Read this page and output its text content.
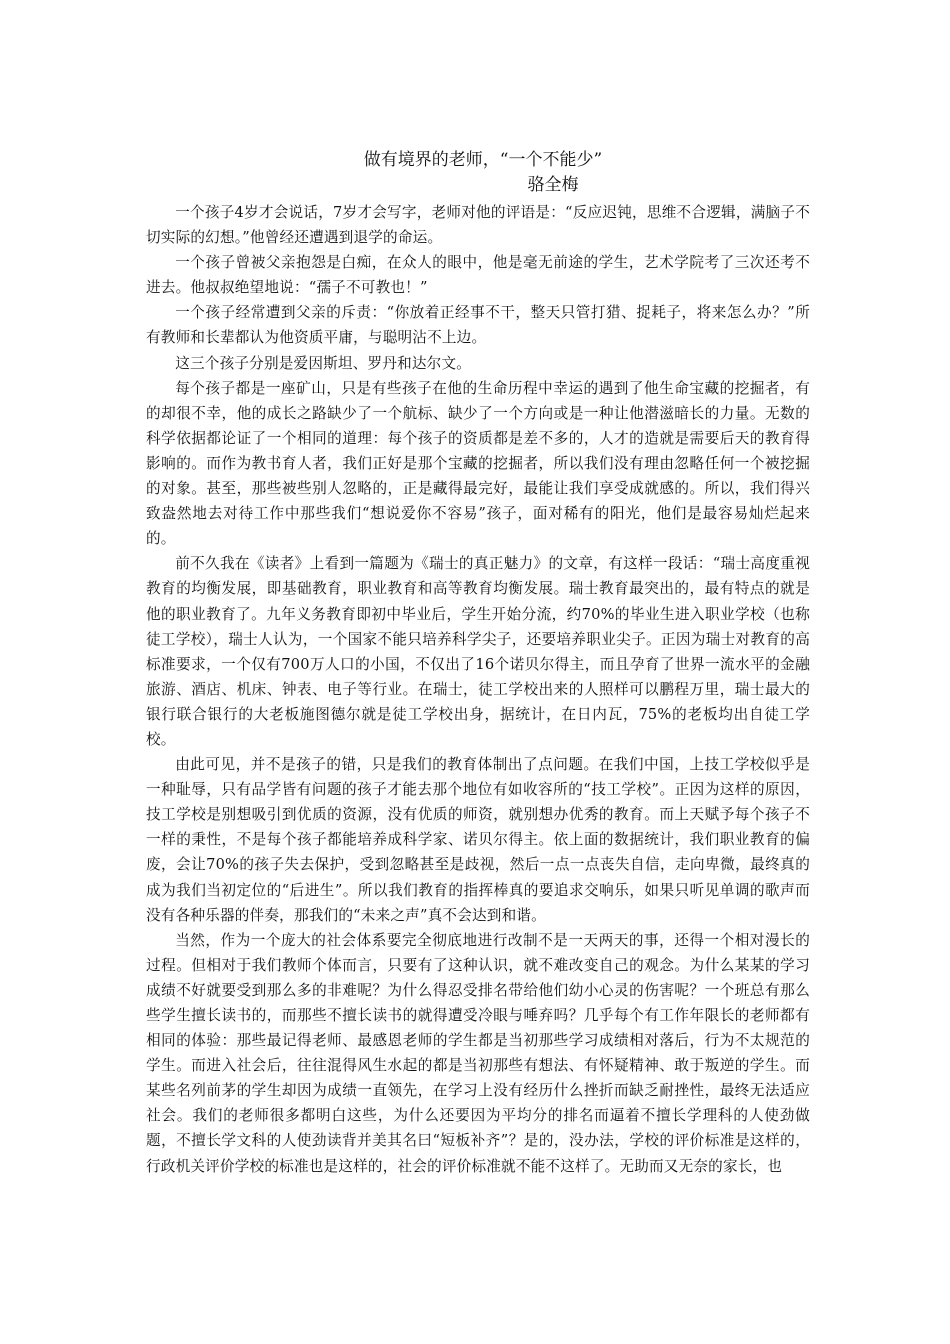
做有境界的老师，“一个不能少”
骆全梅

一个孩子4岁才会说话，7岁才会写字，老师对他的评语是：“反应迟钝，思维不合逻辑，满脑子不切实际的幻想。”他曾经还遭遇到退学的命运。

一个孩子曾被父亲抱怨是白痴，在众人的眼中，他是毫无前途的学生，艺术学院考了三次还考不进去。他叔叔绝望地说：“孺子不可教也！”

一个孩子经常遭到父亲的斥责：“你放着正经事不干，整天只管打猎、捉耗子，将来怎么办？”所有教师和长辈都认为他资质平庸，与聪明沾不上边。

这三个孩子分别是爱因斯坦、罗丹和达尔文。

每个孩子都是一座矿山，只是有些孩子在他的生命历程中幸运的遇到了他生命宝藏的挖掘者，有的却很不幸，他的成长之路缺少了一个航标、缺少了一个方向或是一种让他潜滋暗长的力量。无数的科学依据都论证了一个相同的道理：每个孩子的资质都是差不多的，人才的造就是需要后天的教育得影响的。而作为教书育人者，我们正好是那个宝藏的挖掘者，所以我们没有理由忽略任何一个被挖掘的对象。甚至，那些被些别人忽略的，正是藏得最完好，最能让我们享受成就感的。所以，我们得兴致盎然地去对待工作中那些我们“想说爱你不容易”孩子，面对稀有的阳光，他们是最容易灿烂起来的。

前不久我在《读者》上看到一篇题为《瑞士的真正魅力》的文章，有这样一段话：“瑞士高度重视教育的均衡发展，即基础教育，职业教育和高等教育均衡发展。瑞士教育最突出的，最有特点的就是他的职业教育了。九年义务教育即初中毕业后，学生开始分流，约70%的毕业生进入职业学校（也称徒工学校），瑞士人认为，一个国家不能只培养科学尖子，还要培养职业尖子。正因为瑞士对教育的高标准要求，一个仅有700万人口的小国，不仅出了16个诺贝尔得主，而且孕育了世界一流水平的金融旅游、酒店、机床、钟表、电子等行业。在瑞士，徒工学校出来的人照样可以鹏程万里，瑞士最大的银行联合银行的大老板施图德尔就是徒工学校出身，据统计，在日内瓦，75%的老板均出自徒工学校。

由此可见，并不是孩子的错，只是我们的教育体制出了点问题。在我们中国，上技工学校似乎是一种耻辱，只有品学皆有问题的孩子才能去那个地位有如收容所的“技工学校”。正因为这样的原因，技工学校是别想吸引到优质的资源，没有优质的师资，就别想办优秀的教育。而上天赋予每个孩子不一样的秉性，不是每个孩子都能培养成科学家、诺贝尔得主。依上面的数据统计，我们职业教育的偏废，会让70%的孩子失去保护，受到忽略甚至是歧视，然后一点一点丧失自信，走向卑微，最终真的成为我们当初定位的“后进生”。所以我们教育的指挥棒真的要追求交响乐，如果只听见单调的歌声而没有各种乐器的伴奏，那我们的“未来之声”真不会达到和谐。

当然，作为一个庞大的社会体系要完全彻底地进行改制不是一天两天的事，还得一个相对漫长的过程。但相对于我们教师个体而言，只要有了这种认识，就不难改变自己的观念。为什么某某的学习成绩不好就要受到那么多的非难呢？为什么得忍受排名带给他们幼小心灵的伤害呢？一个班总有那么些学生擅长读书的，而那些不擅长读书的就得遭受冷眼与唾弃吗？几乎每个有工作年限长的老师都有相同的体验：那些最记得老师、最感恩老师的学生都是当初那些学习成绩相对落后，行为不太规范的学生。而进入社会后，往往混得风生水起的都是当初那些有想法、有怀疑精神、敢于叛逆的学生。而某些名列前茅的学生却因为成绩一直领先，在学习上没有经历什么挫折而缺乏耐挫性，最终无法适应社会。我们的老师很多都明白这些，为什么还要因为平均分的排名而逼着不擅长学理科的人使劲做题，不擅长学文科的人使劲读背并美其名曰“短板补齐”？是的，没办法，学校的评价标准是这样的，行政机关评价学校的标准也是这样的，社会的评价标准就不能不这样了。无助而又无奈的家长，也
